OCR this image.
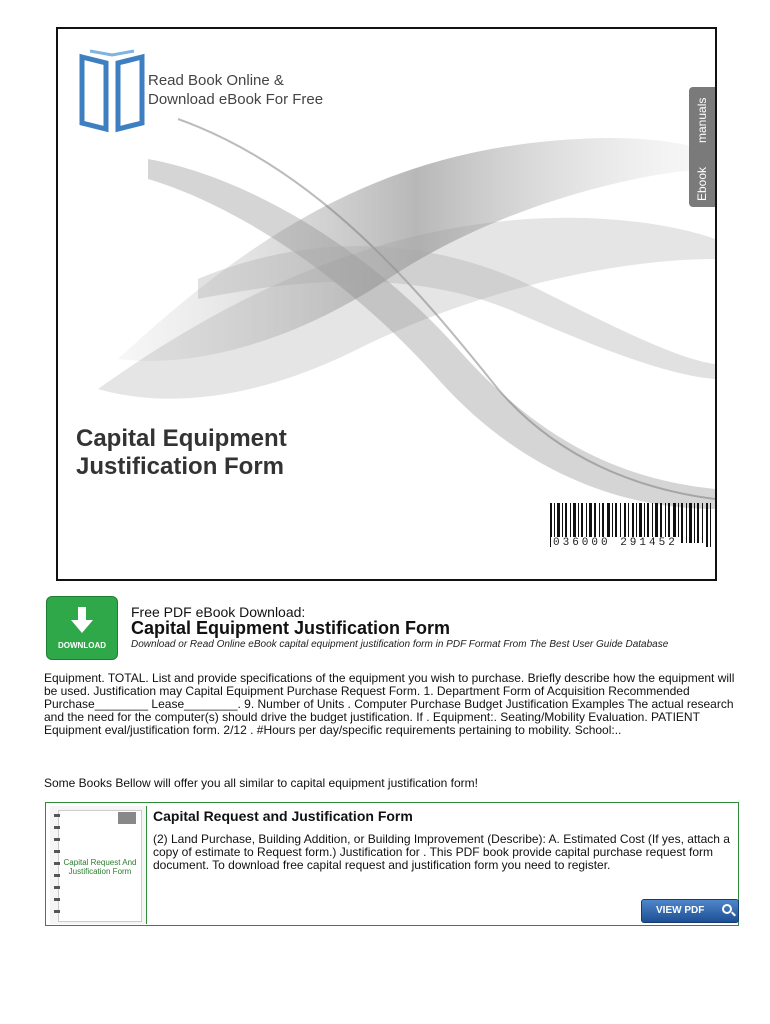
Read Book Online &
Download eBook For Free	manuals
Ebook
Capital Equipment
Justification Form
036000 291452
DOWNLOAD
Free PDF eBook Download:
Capital Equipment Justification Form
Download or Read Online eBook capital equipment justification form in PDF Format From The Best User Guide Database
Equipment. TOTAL. List and provide specifications of the equipment you wish to purchase. Briefly describe how the equipment will be used. Justification may Capital Equipment Purchase Request Form. 1. Department Form of Acquisition Recommended Purchase________ Lease________. 9. Number of Units . Computer Purchase Budget Justification Examples The actual research and the need for the computer(s) should drive the budget justification. If . Equipment:. Seating/Mobility Evaluation. PATIENT Equipment eval/justification form. 2/12 . #Hours per day/specific requirements pertaining to mobility. School:..
Some Books Bellow will offer you all similar to capital equipment justification form!
Capital Request And Justification Form
Capital Request and Justification Form
(2) Land Purchase, Building Addition, or Building Improvement (Describe): A. Estimated Cost (If yes, attach a copy of estimate to Request form.) Justification for . This PDF book provide capital purchase request form document. To download free capital request and justification form you need to register.
VIEW PDF
